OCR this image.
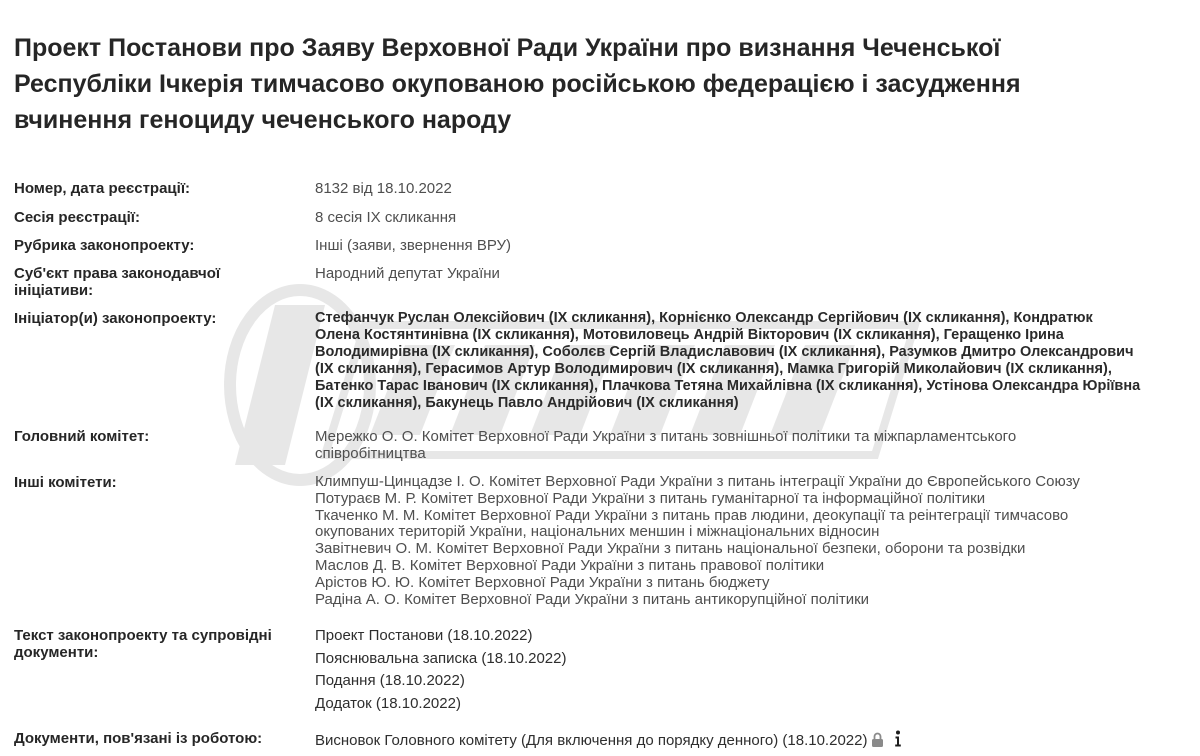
Проект Постанови про Заяву Верховної Ради України про визнання Чеченської
Республіки Ічкерія тимчасово окупованою російською федерацією і засудження
вчинення геноциду чеченського народу
Номер, дата реєстрації:	8132 від 18.10.2022
Сесія реєстрації:	8 сесія IX скликання
Рубрика законопроекту:	Інші (заяви, звернення ВРУ)
Суб'єкт права законодавчої
ініціативи:
Народний депутат України
Ініціатор(и) законопроекту:	Стефанчук Руслан Олексійович (IX скликання), Корнієнко Олександр Сергійович (IX скликання), Кондратюк
Олена Костянтинівна (IX скликання), Мотовиловець Андрій Вікторович (IX скликання), Геращенко Ірина
Володимирівна (IX скликання), Соболєв Сергій Владиславович (IX скликання), Разумков Дмитро Олександрович
(IX скликання), Герасимов Артур Володимирович (IX скликання), Мамка Григорій Миколайович (IX скликання),
Батенко Тарас Іванович (IX скликання), Плачкова Тетяна Михайлівна (IX скликання), Устінова Олександра Юріївна
(IX скликання), Бакунець Павло Андрійович (IX скликання)
Головний комітет:	Мережко О. О. Комітет Верховної Ради України з питань зовнішньої політики та міжпарламентського
співробітництва
Інші комітети:	Климпуш-Цинцадзе І. О. Комітет Верховної Ради України з питань інтеграції України до Європейського Союзу
Потураєв М. Р. Комітет Верховної Ради України з питань гуманітарної та інформаційної політики
Ткаченко М. М. Комітет Верховної Ради України з питань прав людини, деокупації та реінтеграції тимчасово
окупованих територій України, національних меншин і міжнаціональних відносин
Завітневич О. М. Комітет Верховної Ради України з питань національної безпеки, оборони та розвідки
Маслов Д. В. Комітет Верховної Ради України з питань правової політики
Арістов Ю. Ю. Комітет Верховної Ради України з питань бюджету
Радіна А. О. Комітет Верховної Ради України з питань антикорупційної політики
Текст законопроекту та супровідні
документи:
Проект Постанови (18.10.2022)
Пояснювальна записка (18.10.2022)
Подання (18.10.2022)
Додаток (18.10.2022)
Документи, пов'язані із роботою:	Висновок Головного комітету (Для включення до порядку денного) (18.10.2022)
